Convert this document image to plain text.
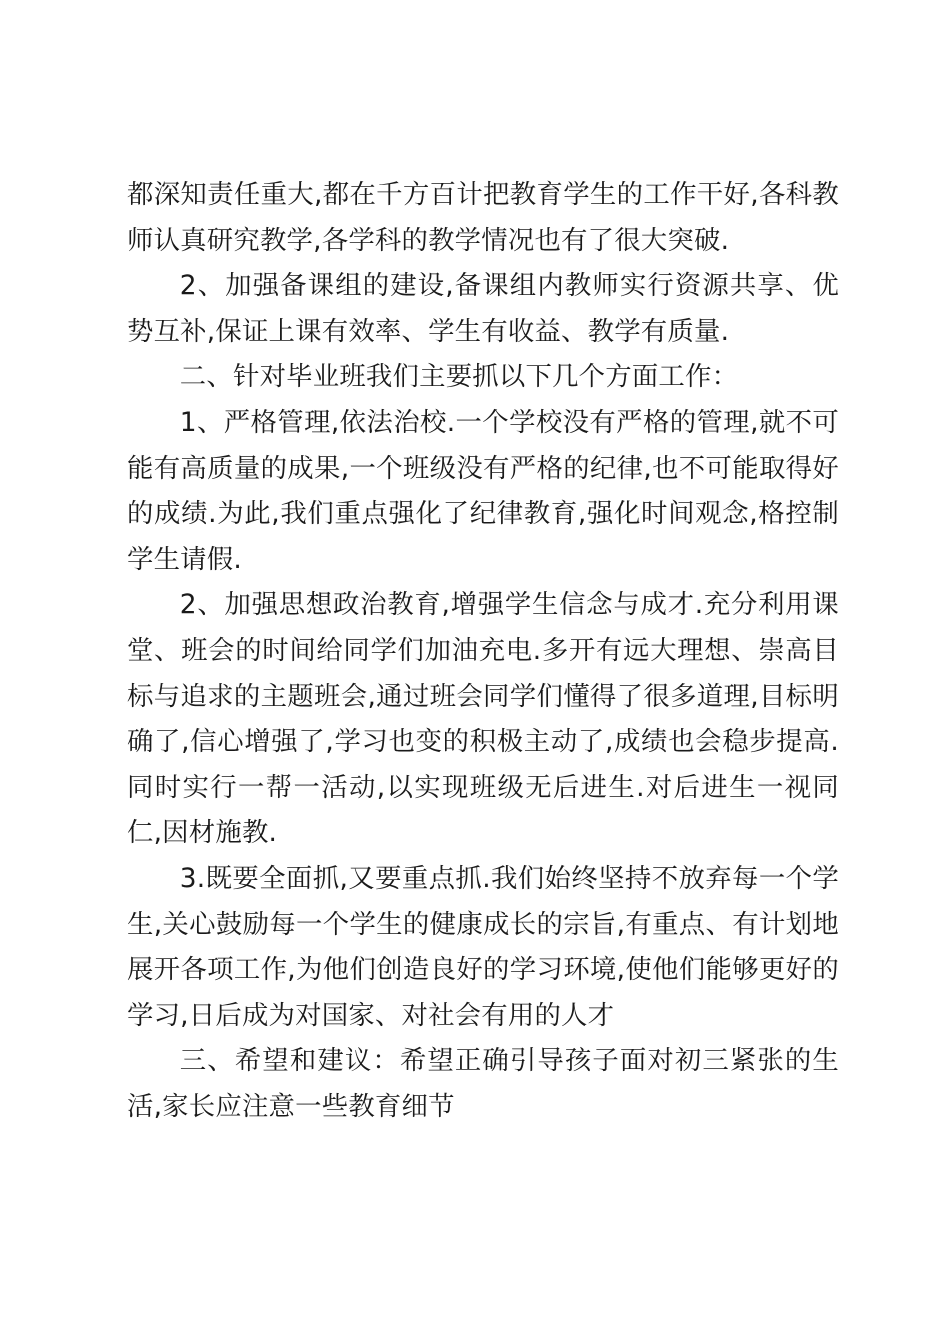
都深知责任重大,都在千方百计把教育学生的工作干好,各科教师认真研究教学,各学科的教学情况也有了很大突破.

2、加强备课组的建设,备课组内教师实行资源共享、优势互补,保证上课有效率、学生有收益、教学有质量.

二、针对毕业班我们主要抓以下几个方面工作：

1、严格管理,依法治校.一个学校没有严格的管理,就不可能有高质量的成果,一个班级没有严格的纪律,也不可能取得好的成绩.为此,我们重点强化了纪律教育,强化时间观念,格控制学生请假.

2、加强思想政治教育,增强学生信念与成才.充分利用课堂、班会的时间给同学们加油充电.多开有远大理想、崇高目标与追求的主题班会,通过班会同学们懂得了很多道理,目标明确了,信心增强了,学习也变的积极主动了,成绩也会稳步提高.同时实行一帮一活动,以实现班级无后进生.对后进生一视同仁,因材施教.

3.既要全面抓,又要重点抓.我们始终坚持不放弃每一个学生,关心鼓励每一个学生的健康成长的宗旨,有重点、有计划地展开各项工作,为他们创造良好的学习环境,使他们能够更好的学习,日后成为对国家、对社会有用的人才

三、希望和建议：希望正确引导孩子面对初三紧张的生活,家长应注意一些教育细节
